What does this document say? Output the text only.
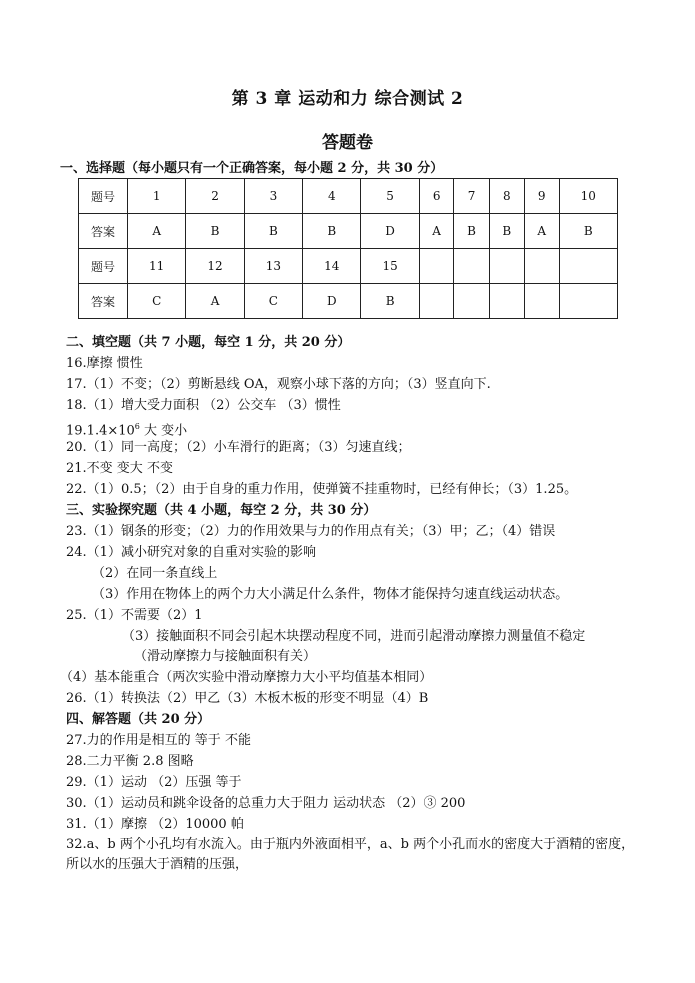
第 3 章 运动和力 综合测试 2
答题卷
一、选择题（每小题只有一个正确答案，每小题 2 分，共 30 分）
题号	1	2	3	4	5	6	7	8	9	10
答案	A	B	B	B	D	A	B	B	A	B
题号	11	12	13	14	15					
答案	C	A	C	D	B					
二、填空题（共 7 小题，每空 1 分，共 20 分）
16.摩擦 惯性
17.（1）不变；（2）剪断悬线 OA，观察小球下落的方向；（3）竖直向下.
18.（1）增大受力面积 （2）公交车 （3）惯性
$19.1.4\times 10^6$ 大 变小
20.（1）同一高度；（2）小车滑行的距离；（3）匀速直线；
21.不变 变大 不变
22.（1）0.5；（2）由于自身的重力作用，使弹簧不挂重物时，已经有伸长；（3）1.25。
三、实验探究题（共 4 小题，每空 2 分，共 30 分）
23.（1）钢条的形变；（2）力的作用效果与力的作用点有关；（3）甲；乙；（4）错误
24.（1）减小研究对象的自重对实验的影响
（2）在同一条直线上
（3）作用在物体上的两个力大小满足什么条件，物体才能保持匀速直线运动状态。
25.（1）不需要（2）1
（3）接触面积不同会引起木块摆动程度不同，进而引起滑动摩擦力测量值不稳定
（滑动摩擦力与接触面积有关）
（4）基本能重合（两次实验中滑动摩擦力大小平均值基本相同）
26.（1）转换法（2）甲乙（3）木板木板的形变不明显（4）B
四、解答题（共 20 分）
27.力的作用是相互的 等于 不能
28.二力平衡 2.8 图略
29.（1）运动 （2）压强 等于
30.（1）运动员和跳伞设备的总重力大于阻力 运动状态 （2）③ 200
31.（1）摩擦 （2）10000 帕
32.a、b 两个小孔均有水流入。由于瓶内外液面相平，a、b 两个小孔而水的密度大于酒精的密度，所以水的压强大于酒精的压强，
